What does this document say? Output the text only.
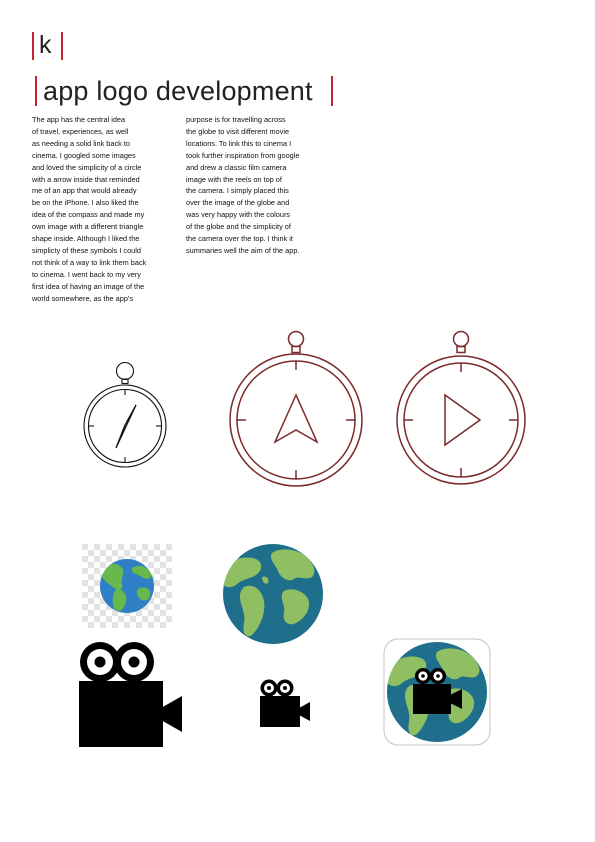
k
app logo development
The app has the central idea
of travel, experiences, as well
as needing a solid link back to
cinema. I googled some images
and loved the simplicity of a circle
with a arrow inside that reminded
me of an app that would already
be on the iPhone. I also liked the
idea of the compass and made my
own image with a different triangle
shape inside. Although I liked the
simplicty of these symbols I could
not think of a way to link them back
to cinema. I went back to my very
first idea of having an image of the
world somewhere, as the app's
purpose is for travelling across
the globe to visit different movie
locations. To link this to cinema I
took further inspiration from google
and drew a classic film camera
image with the reels on top of
the camera. I simply placed this
over the image of the globe and
was very happy with the colours
of the globe and the simplicity of
the camera over the top. I think it
summaries well the aim of the app.
